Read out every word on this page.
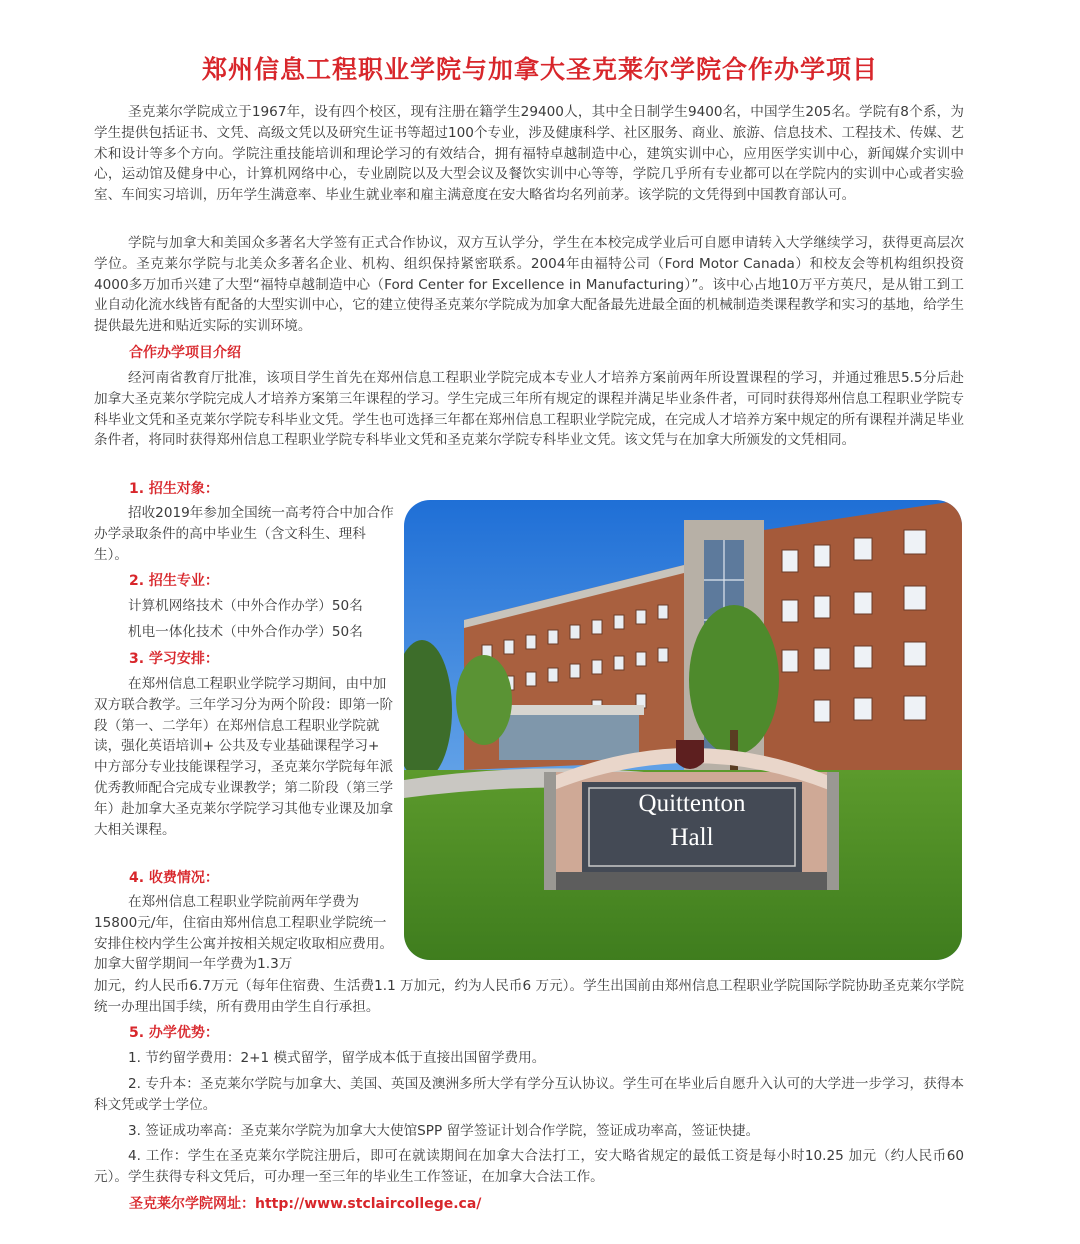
郑州信息工程职业学院与加拿大圣克莱尔学院合作办学项目

圣克莱尔学院成立于1967年，设有四个校区，现有注册在籍学生29400人，其中全日制学生9400名，中国学生205名。学院有8个系，为学生提供包括证书、文凭、高级文凭以及研究生证书等超过100个专业，涉及健康科学、社区服务、商业、旅游、信息技术、工程技术、传媒、艺术和设计等多个方向。学院注重技能培训和理论学习的有效结合，拥有福特卓越制造中心，建筑实训中心，应用医学实训中心，新闻媒介实训中心，运动馆及健身中心，计算机网络中心，专业剧院以及大型会议及餐饮实训中心等等，学院几乎所有专业都可以在学院内的实训中心或者实验室、车间实习培训，历年学生满意率、毕业生就业率和雇主满意度在安大略省均名列前茅。该学院的文凭得到中国教育部认可。

学院与加拿大和美国众多著名大学签有正式合作协议，双方互认学分，学生在本校完成学业后可自愿申请转入大学继续学习，获得更高层次学位。圣克莱尔学院与北美众多著名企业、机构、组织保持紧密联系。2004年由福特公司（Ford Motor Canada）和校友会等机构组织投资4000多万加币兴建了大型“福特卓越制造中心（Ford Center for Excellence in Manufacturing）”。该中心占地10万平方英尺，是从钳工到工业自动化流水线皆有配备的大型实训中心，它的建立使得圣克莱尔学院成为加拿大配备最先进最全面的机械制造类课程教学和实习的基地，给学生提供最先进和贴近实际的实训环境。

合作办学项目介绍

经河南省教育厅批准，该项目学生首先在郑州信息工程职业学院完成本专业人才培养方案前两年所设置课程的学习，并通过雅思5.5分后赴加拿大圣克莱尔学院完成人才培养方案第三年课程的学习。学生完成三年所有规定的课程并满足毕业条件者，可同时获得郑州信息工程职业学院专科毕业文凭和圣克莱尔学院专科毕业文凭。学生也可选择三年都在郑州信息工程职业学院完成，在完成人才培养方案中规定的所有课程并满足毕业条件者，将同时获得郑州信息工程职业学院专科毕业文凭和圣克莱尔学院专科毕业文凭。该文凭与在加拿大所颁发的文凭相同。

1. 招生对象：

招收2019年参加全国统一高考符合中加合作办学录取条件的高中毕业生（含文科生、理科生）。

2. 招生专业：

计算机网络技术（中外合作办学）50名

机电一体化技术（中外合作办学）50名

3. 学习安排：

在郑州信息工程职业学院学习期间，由中加双方联合教学。三年学习分为两个阶段：即第一阶段（第一、二学年）在郑州信息工程职业学院就读，强化英语培训+ 公共及专业基础课程学习+ 中方部分专业技能课程学习，圣克莱尔学院每年派优秀教师配合完成专业课教学；第二阶段（第三学年）赴加拿大圣克莱尔学院学习其他专业课及加拿大相关课程。

4. 收费情况：

在郑州信息工程职业学院前两年学费为15800元/年，住宿由郑州信息工程职业学院统一安排住校内学生公寓并按相关规定收取相应费用。加拿大留学期间一年学费为1.3万

加元，约人民币6.7万元（每年住宿费、生活费1.1 万加元，约为人民币6 万元）。学生出国前由郑州信息工程职业学院国际学院协助圣克莱尔学院统一办理出国手续，所有费用由学生自行承担。

Quittenton
Hall
5. 办学优势：

1. 节约留学费用：2+1 模式留学，留学成本低于直接出国留学费用。

2. 专升本：圣克莱尔学院与加拿大、美国、英国及澳洲多所大学有学分互认协议。学生可在毕业后自愿升入认可的大学进一步学习，获得本科文凭或学士学位。

3. 签证成功率高：圣克莱尔学院为加拿大大使馆SPP 留学签证计划合作学院，签证成功率高，签证快捷。

4. 工作：学生在圣克莱尔学院注册后，即可在就读期间在加拿大合法打工，安大略省规定的最低工资是每小时10.25 加元（约人民币60 元）。学生获得专科文凭后，可办理一至三年的毕业生工作签证，在加拿大合法工作。

圣克莱尔学院网址：http://www.stclaircollege.ca/
